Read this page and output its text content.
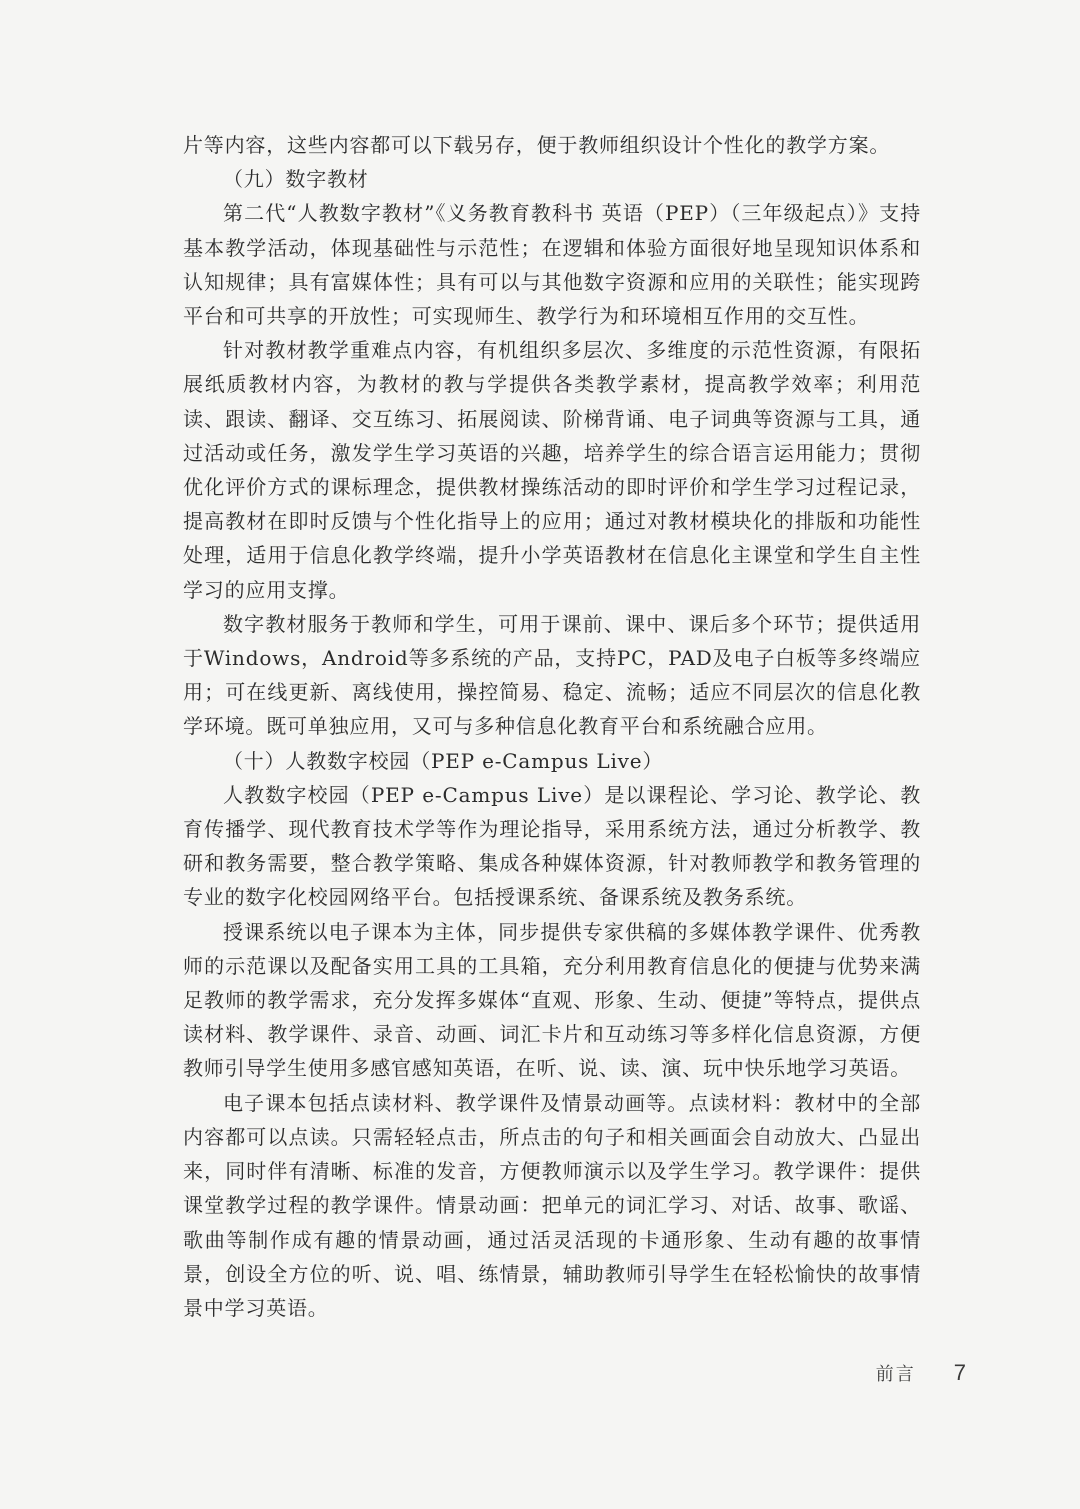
片等内容，这些内容都可以下载另存，便于教师组织设计个性化的教学方案。

（九）数字教材

第二代“人教数字教材”《义务教育教科书 英语（PEP）（三年级起点）》支持基本教学活动，体现基础性与示范性；在逻辑和体验方面很好地呈现知识体系和认知规律；具有富媒体性；具有可以与其他数字资源和应用的关联性；能实现跨平台和可共享的开放性；可实现师生、教学行为和环境相互作用的交互性。

针对教材教学重难点内容，有机组织多层次、多维度的示范性资源，有限拓展纸质教材内容，为教材的教与学提供各类教学素材，提高教学效率；利用范读、跟读、翻译、交互练习、拓展阅读、阶梯背诵、电子词典等资源与工具，通过活动或任务，激发学生学习英语的兴趣，培养学生的综合语言运用能力；贯彻优化评价方式的课标理念，提供教材操练活动的即时评价和学生学习过程记录，提高教材在即时反馈与个性化指导上的应用；通过对教材模块化的排版和功能性处理，适用于信息化教学终端，提升小学英语教材在信息化主课堂和学生自主性学习的应用支撑。

数字教材服务于教师和学生，可用于课前、课中、课后多个环节；提供适用于Windows，Android等多系统的产品，支持PC，PAD及电子白板等多终端应用；可在线更新、离线使用，操控简易、稳定、流畅；适应不同层次的信息化教学环境。既可单独应用，又可与多种信息化教育平台和系统融合应用。

（十）人教数字校园（PEP e-Campus Live）

人教数字校园（PEP e-Campus Live）是以课程论、学习论、教学论、教育传播学、现代教育技术学等作为理论指导，采用系统方法，通过分析教学、教研和教务需要，整合教学策略、集成各种媒体资源，针对教师教学和教务管理的专业的数字化校园网络平台。包括授课系统、备课系统及教务系统。

授课系统以电子课本为主体，同步提供专家供稿的多媒体教学课件、优秀教师的示范课以及配备实用工具的工具箱，充分利用教育信息化的便捷与优势来满足教师的教学需求，充分发挥多媒体“直观、形象、生动、便捷”等特点，提供点读材料、教学课件、录音、动画、词汇卡片和互动练习等多样化信息资源，方便教师引导学生使用多感官感知英语，在听、说、读、演、玩中快乐地学习英语。

电子课本包括点读材料、教学课件及情景动画等。点读材料：教材中的全部内容都可以点读。只需轻轻点击，所点击的句子和相关画面会自动放大、凸显出来，同时伴有清晰、标准的发音，方便教师演示以及学生学习。教学课件：提供课堂教学过程的教学课件。情景动画：把单元的词汇学习、对话、故事、歌谣、歌曲等制作成有趣的情景动画，通过活灵活现的卡通形象、生动有趣的故事情景，创设全方位的听、说、唱、练情景，辅助教师引导学生在轻松愉快的故事情景中学习英语。

前言 7
